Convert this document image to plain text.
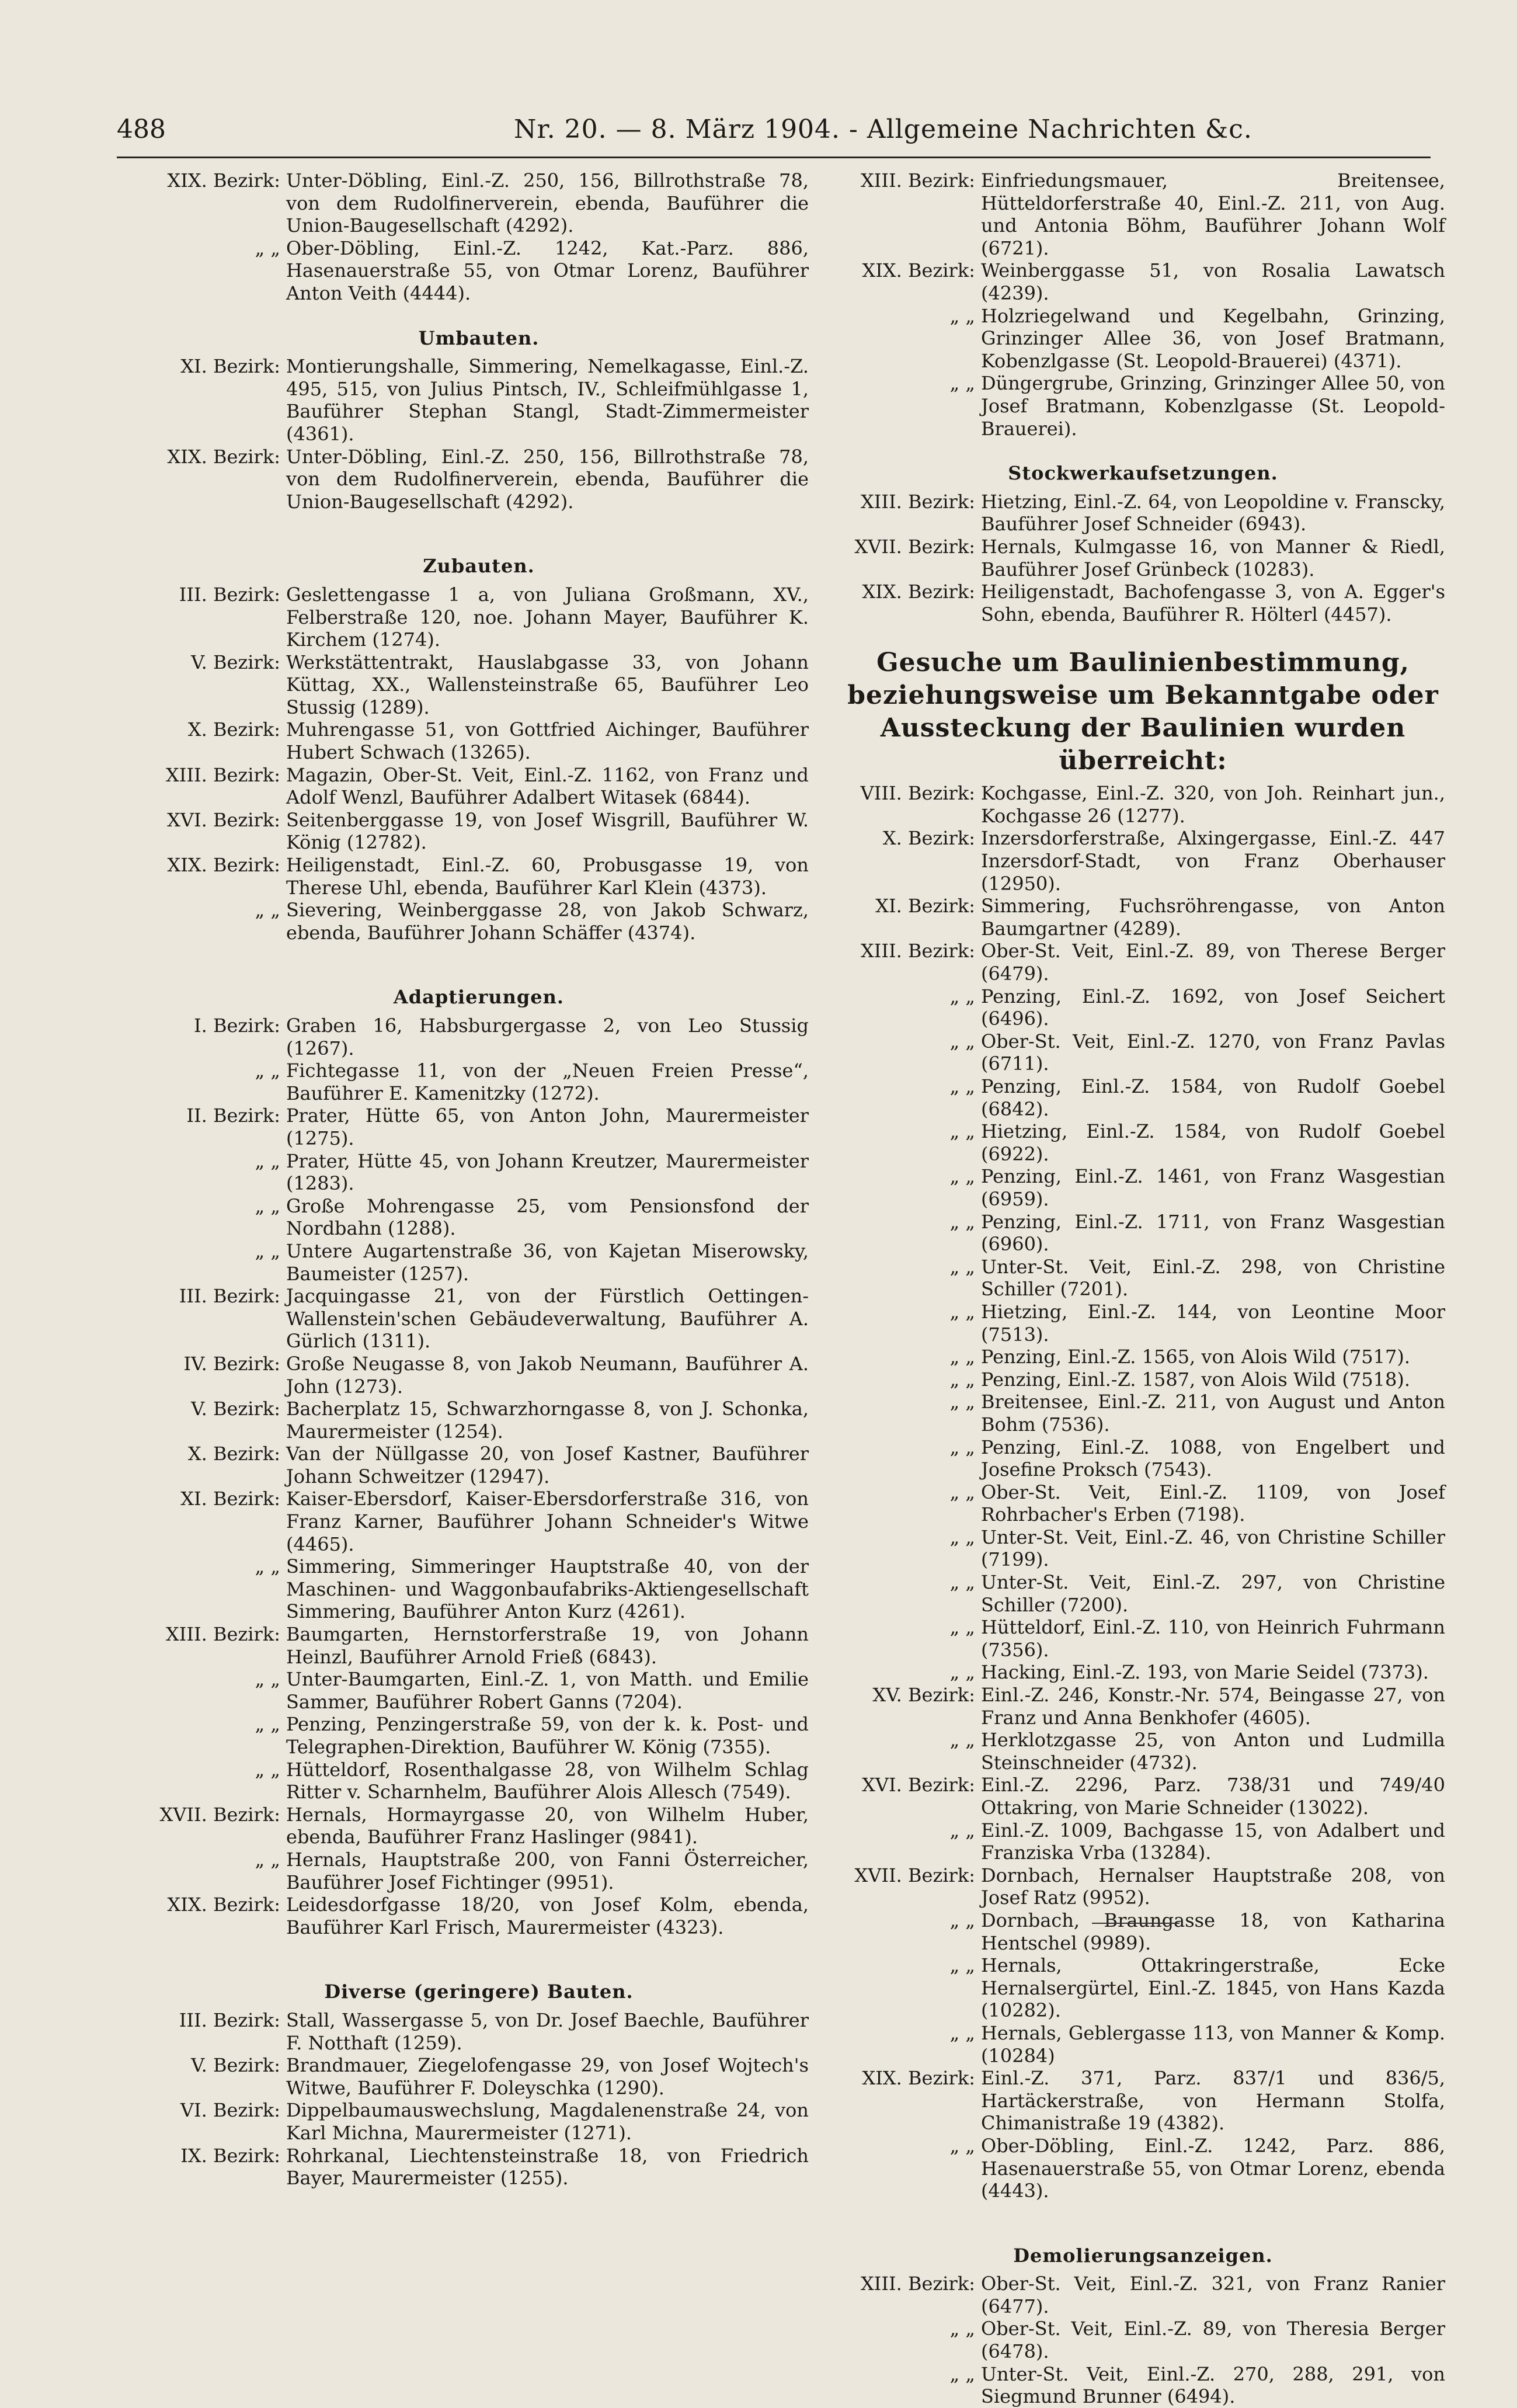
488	Nr. 20. — 8. März 1904. - Allgemeine Nachrichten &c.
XIX. Bezirk: Unter-Döbling, Einl.-Z. 250, 156, Billrothstraße 78, von dem Rudolfinerverein, ebenda, Bauführer die Union-Baugesellschaft (4292).
„ „ Ober-Döbling, Einl.-Z. 1242, Kat.-Parz. 886, Hasenauerstraße 55, von Otmar Lorenz, Bauführer Anton Veith (4444).
Umbauten.
XI. Bezirk: Montierungshalle, Simmering, Nemelkagasse, Einl.-Z. 495, 515, von Julius Pintsch, IV., Schleifmühlgasse 1, Bauführer Stephan Stangl, Stadt-Zimmermeister (4361).
XIX. Bezirk: Unter-Döbling, Einl.-Z. 250, 156, Billrothstraße 78, von dem Rudolfinerverein, ebenda, Bauführer die Union-Baugesellschaft (4292).
Zubauten.
III. Bezirk: Geslettengasse 1 a, von Juliana Großmann, XV., Felberstraße 120, noe. Johann Mayer, Bauführer K. Kirchem (1274).
V. Bezirk: Werkstättentrakt, Hauslabgasse 33, von Johann Küttag, XX., Wallensteinstraße 65, Bauführer Leo Stussig (1289).
X. Bezirk: Muhrengasse 51, von Gottfried Aichinger, Bauführer Hubert Schwach (13265).
XIII. Bezirk: Magazin, Ober-St. Veit, Einl.-Z. 1162, von Franz und Adolf Wenzl, Bauführer Adalbert Witasek (6844).
XVI. Bezirk: Seitenberggasse 19, von Josef Wisgrill, Bauführer W. König (12782).
XIX. Bezirk: Heiligenstadt, Einl.-Z. 60, Probusgasse 19, von Therese Uhl, ebenda, Bauführer Karl Klein (4373).
„ „ Sievering, Weinberggasse 28, von Jakob Schwarz, ebenda, Bauführer Johann Schäffer (4374).
Adaptierungen.
I. Bezirk: Graben 16, Habsburgergasse 2, von Leo Stussig (1267).
„ „ Fichtegasse 11, von der „Neuen Freien Presse“, Bauführer E. Kamenitzky (1272).
II. Bezirk: Prater, Hütte 65, von Anton John, Maurermeister (1275).
„ „ Prater, Hütte 45, von Johann Kreutzer, Maurermeister (1283).
„ „ Große Mohrengasse 25, vom Pensionsfond der Nordbahn (1288).
„ „ Untere Augartenstraße 36, von Kajetan Miserowsky, Baumeister (1257).
III. Bezirk: Jacquingasse 21, von der Fürstlich Oettingen-Wallenstein'schen Gebäudeverwaltung, Bauführer A. Gürlich (1311).
IV. Bezirk: Große Neugasse 8, von Jakob Neumann, Bauführer A. John (1273).
V. Bezirk: Bacherplatz 15, Schwarzhorngasse 8, von J. Schonka, Maurermeister (1254).
X. Bezirk: Van der Nüllgasse 20, von Josef Kastner, Bauführer Johann Schweitzer (12947).
XI. Bezirk: Kaiser-Ebersdorf, Kaiser-Ebersdorferstraße 316, von Franz Karner, Bauführer Johann Schneider's Witwe (4465).
„ „ Simmering, Simmeringer Hauptstraße 40, von der Maschinen- und Waggonbaufabriks-Aktiengesellschaft Simmering, Bauführer Anton Kurz (4261).
XIII. Bezirk: Baumgarten, Hernstorferstraße 19, von Johann Heinzl, Bauführer Arnold Frieß (6843).
„ „ Unter-Baumgarten, Einl.-Z. 1, von Matth. und Emilie Sammer, Bauführer Robert Ganns (7204).
„ „ Penzing, Penzingerstraße 59, von der k. k. Post- und Telegraphen-Direktion, Bauführer W. König (7355).
„ „ Hütteldorf, Rosenthalgasse 28, von Wilhelm Schlag Ritter v. Scharnhelm, Bauführer Alois Allesch (7549).
XVII. Bezirk: Hernals, Hormayrgasse 20, von Wilhelm Huber, ebenda, Bauführer Franz Haslinger (9841).
„ „ Hernals, Hauptstraße 200, von Fanni Österreicher, Bauführer Josef Fichtinger (9951).
XIX. Bezirk: Leidesdorfgasse 18/20, von Josef Kolm, ebenda, Bauführer Karl Frisch, Maurermeister (4323).
Diverse (geringere) Bauten.
III. Bezirk: Stall, Wassergasse 5, von Dr. Josef Baechle, Bauführer F. Notthaft (1259).
V. Bezirk: Brandmauer, Ziegelofengasse 29, von Josef Wojtech's Witwe, Bauführer F. Doleyschka (1290).
VI. Bezirk: Dippelbaumauswechslung, Magdalenenstraße 24, von Karl Michna, Maurermeister (1271).
IX. Bezirk: Rohrkanal, Liechtensteinstraße 18, von Friedrich Bayer, Maurermeister (1255).
XIII. Bezirk: Einfriedungsmauer, Breitensee, Hütteldorferstraße 40, Einl.-Z. 211, von Aug. und Antonia Böhm, Bauführer Johann Wolf (6721).
XIX. Bezirk: Weinberggasse 51, von Rosalia Lawatsch (4239).
„ „ Holzriegelwand und Kegelbahn, Grinzing, Grinzinger Allee 36, von Josef Bratmann, Kobenzlgasse (St. Leopold-Brauerei) (4371).
„ „ Düngergrube, Grinzing, Grinzinger Allee 50, von Josef Bratmann, Kobenzlgasse (St. Leopold-Brauerei).
Stockwerkaufsetzungen.
XIII. Bezirk: Hietzing, Einl.-Z. 64, von Leopoldine v. Franscky, Bauführer Josef Schneider (6943).
XVII. Bezirk: Hernals, Kulmgasse 16, von Manner & Riedl, Bauführer Josef Grünbeck (10283).
XIX. Bezirk: Heiligenstadt, Bachofengasse 3, von A. Egger's Sohn, ebenda, Bauführer R. Hölterl (4457).
Gesuche um Baulinienbestimmung, beziehungsweise um Bekanntgabe oder Aussteckung der Baulinien wurden überreicht:
VIII. Bezirk: Kochgasse, Einl.-Z. 320, von Joh. Reinhart jun., Kochgasse 26 (1277).
X. Bezirk: Inzersdorferstraße, Alxingergasse, Einl.-Z. 447 Inzersdorf-Stadt, von Franz Oberhauser (12950).
XI. Bezirk: Simmering, Fuchsröhrengasse, von Anton Baumgartner (4289).
XIII. Bezirk: Ober-St. Veit, Einl.-Z. 89, von Therese Berger (6479).
„ „ Penzing, Einl.-Z. 1692, von Josef Seichert (6496).
„ „ Ober-St. Veit, Einl.-Z. 1270, von Franz Pavlas (6711).
„ „ Penzing, Einl.-Z. 1584, von Rudolf Goebel (6842).
„ „ Hietzing, Einl.-Z. 1584, von Rudolf Goebel (6922).
„ „ Penzing, Einl.-Z. 1461, von Franz Wasgestian (6959).
„ „ Penzing, Einl.-Z. 1711, von Franz Wasgestian (6960).
„ „ Unter-St. Veit, Einl.-Z. 298, von Christine Schiller (7201).
„ „ Hietzing, Einl.-Z. 144, von Leontine Moor (7513).
„ „ Penzing, Einl.-Z. 1565, von Alois Wild (7517).
„ „ Penzing, Einl.-Z. 1587, von Alois Wild (7518).
„ „ Breitensee, Einl.-Z. 211, von August und Anton Bohm (7536).
„ „ Penzing, Einl.-Z. 1088, von Engelbert und Josefine Proksch (7543).
„ „ Ober-St. Veit, Einl.-Z. 1109, von Josef Rohrbacher's Erben (7198).
„ „ Unter-St. Veit, Einl.-Z. 46, von Christine Schiller (7199).
„ „ Unter-St. Veit, Einl.-Z. 297, von Christine Schiller (7200).
„ „ Hütteldorf, Einl.-Z. 110, von Heinrich Fuhrmann (7356).
„ „ Hacking, Einl.-Z. 193, von Marie Seidel (7373).
XV. Bezirk: Einl.-Z. 246, Konstr.-Nr. 574, Beingasse 27, von Franz und Anna Benkhofer (4605).
„ „ Herklotzgasse 25, von Anton und Ludmilla Steinschneider (4732).
XVI. Bezirk: Einl.-Z. 2296, Parz. 738/31 und 749/40 Ottakring, von Marie Schneider (13022).
„ „ Einl.-Z. 1009, Bachgasse 15, von Adalbert und Franziska Vrba (13284).
XVII. Bezirk: Dornbach, Hernalser Hauptstraße 208, von Josef Ratz (9952).
„ „ Dornbach, Braungasse 18, von Katharina Hentschel (9989).
„ „ Hernals, Ottakringerstraße, Ecke Hernalsergürtel, Einl.-Z. 1845, von Hans Kazda (10282).
„ „ Hernals, Geblergasse 113, von Manner & Komp. (10284)
XIX. Bezirk: Einl.-Z. 371, Parz. 837/1 und 836/5, Hartäckerstraße, von Hermann Stolfa, Chimanistraße 19 (4382).
„ „ Ober-Döbling, Einl.-Z. 1242, Parz. 886, Hasenauerstraße 55, von Otmar Lorenz, ebenda (4443).
Demolierungsanzeigen.
XIII. Bezirk: Ober-St. Veit, Einl.-Z. 321, von Franz Ranier (6477).
„ „ Ober-St. Veit, Einl.-Z. 89, von Theresia Berger (6478).
„ „ Unter-St. Veit, Einl.-Z. 270, 288, 291, von Siegmund Brunner (6494).
